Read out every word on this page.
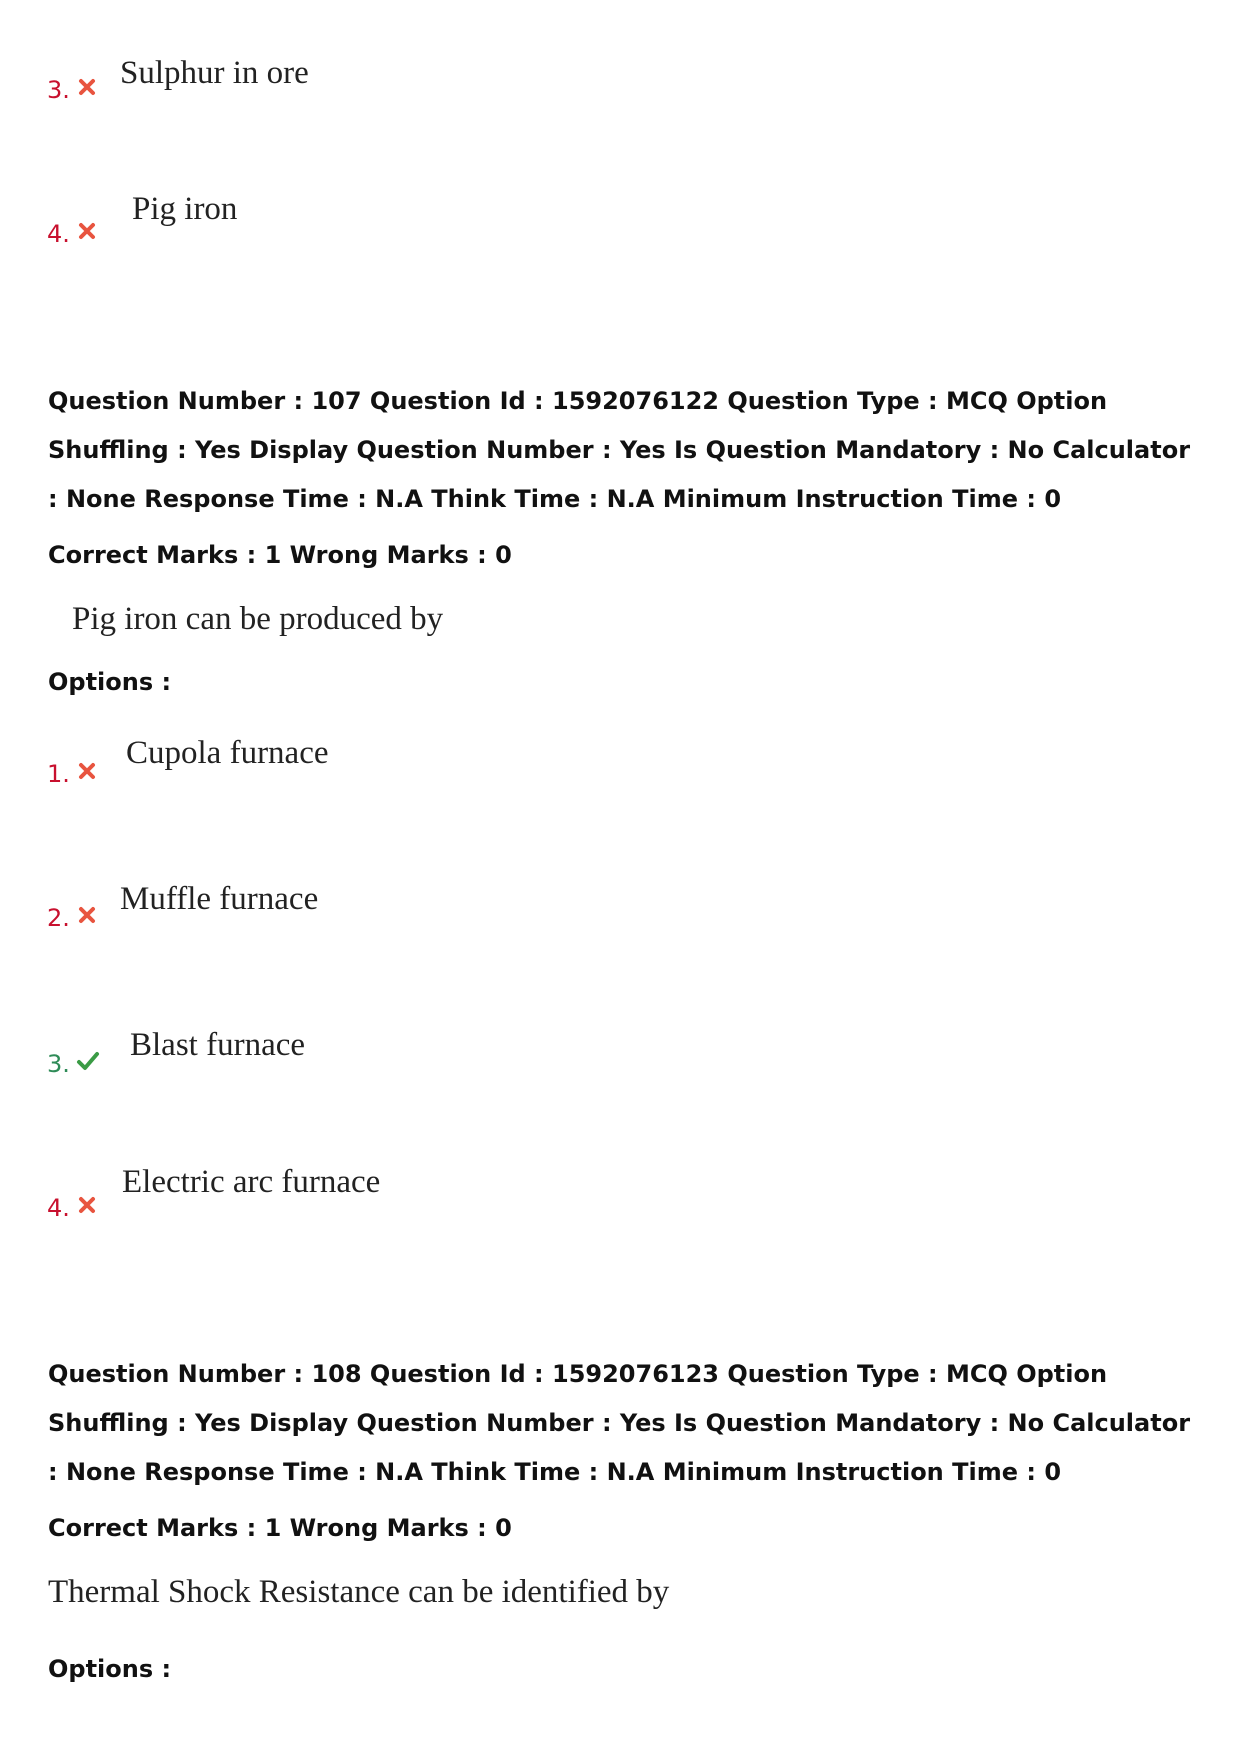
3. Sulphur in ore
4.
Pig iron
Question Number : 107 Question Id : 1592076122 Question Type : MCQ Option Shuffling : Yes Display Question Number : Yes Is Question Mandatory : No Calculator : None Response Time : N.A Think Time : N.A Minimum Instruction Time : 0
Correct Marks : 1 Wrong Marks : 0
Pig iron can be produced by
Options :
1.
Cupola furnace
2.
Muffle furnace
3.
Blast furnace
4.
Electric arc furnace
Question Number : 108 Question Id : 1592076123 Question Type : MCQ Option Shuffling : Yes Display Question Number : Yes Is Question Mandatory : No Calculator : None Response Time : N.A Think Time : N.A Minimum Instruction Time : 0
Correct Marks : 1 Wrong Marks : 0
Thermal Shock Resistance can be identified by
Options :
